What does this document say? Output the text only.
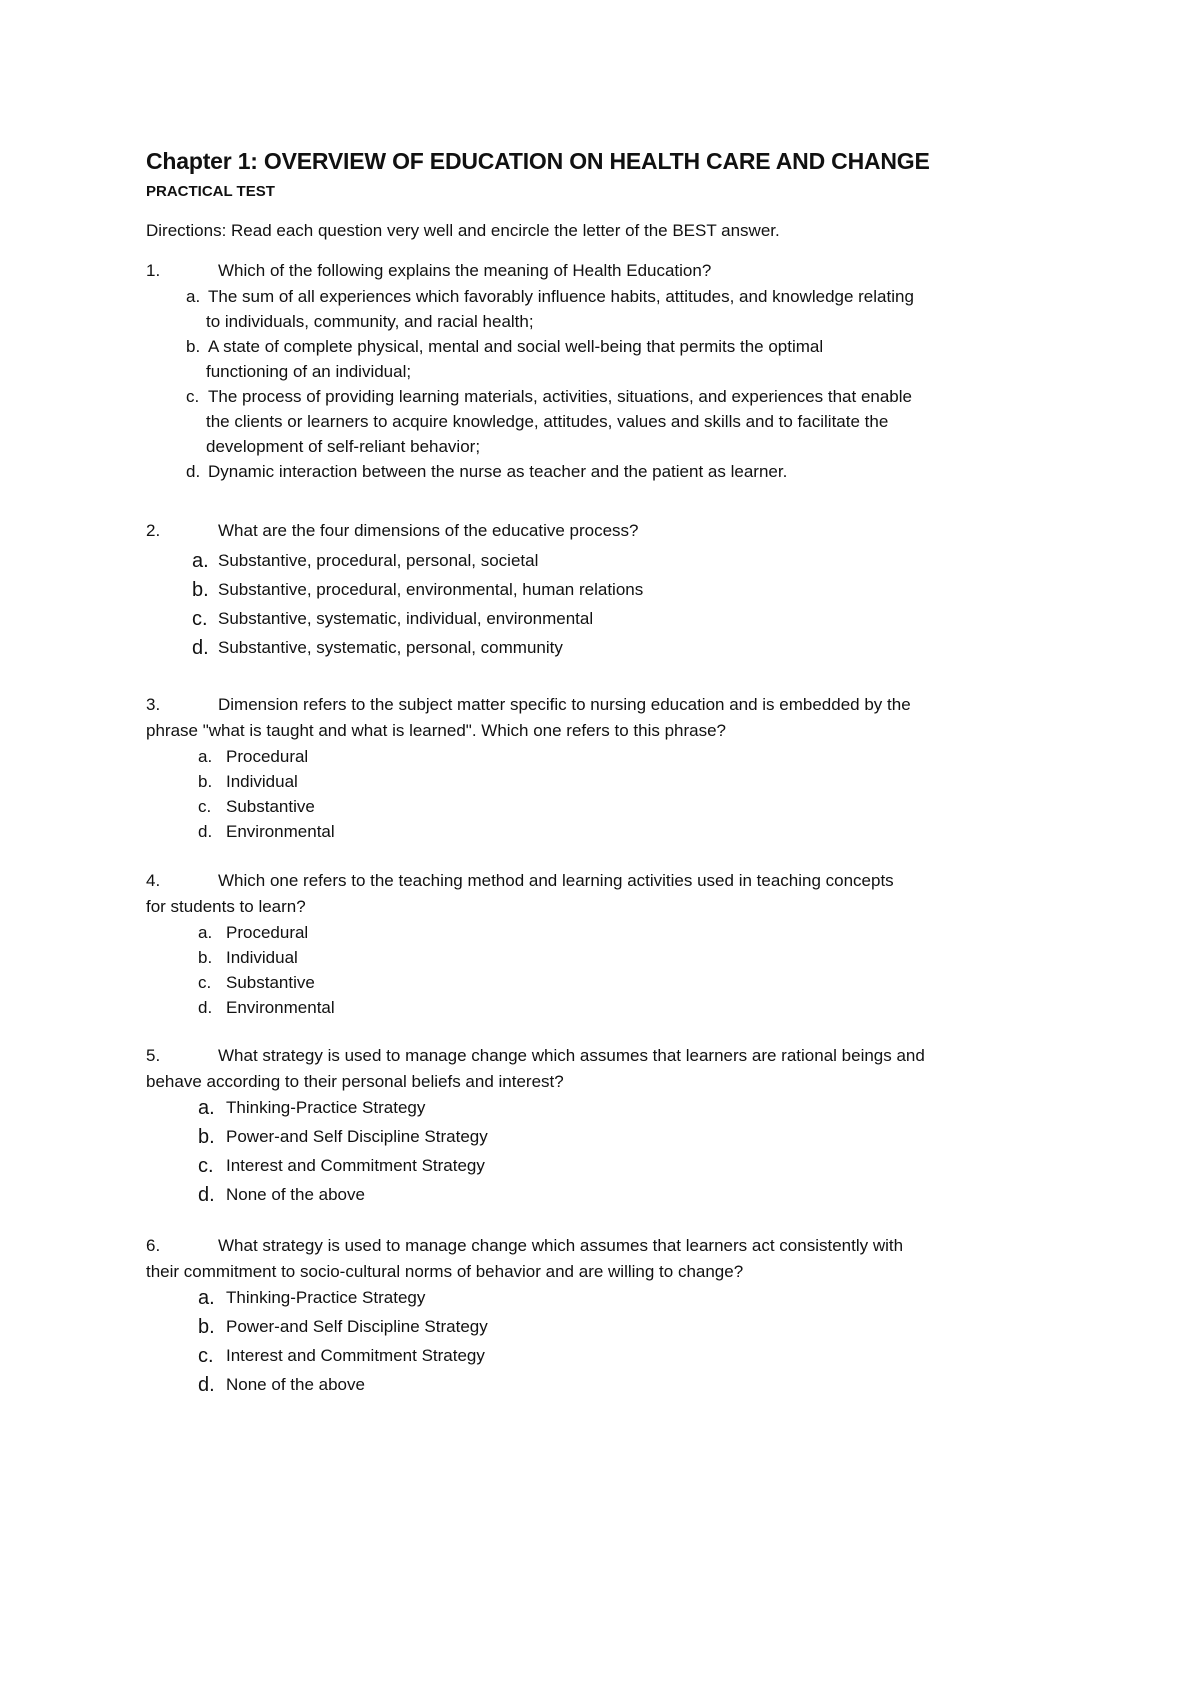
Chapter 1: OVERVIEW OF EDUCATION ON HEALTH CARE AND CHANGE
PRACTICAL TEST
Directions: Read each question very well and encircle the letter of the BEST answer.
1.	Which of the following explains the meaning of Health Education?
a. The sum of all experiences which favorably influence habits, attitudes, and knowledge relating
to individuals, community, and racial health;
b. A state of complete physical, mental and social well-being that permits the optimal
functioning of an individual;
c. The process of providing learning materials, activities, situations, and experiences that enable
the clients or learners to acquire knowledge, attitudes, values and skills and to facilitate the
development of self-reliant behavior;
d. Dynamic interaction between the nurse as teacher and the patient as learner.
2.	What are the four dimensions of the educative process?
a. Substantive, procedural, personal, societal
b. Substantive, procedural, environmental, human relations
c. Substantive, systematic, individual, environmental
d. Substantive, systematic, personal, community
3.	Dimension refers to the subject matter specific to nursing education and is embedded by the
phrase "what is taught and what is learned". Which one refers to this phrase?
a. Procedural
b. Individual
c. Substantive
d. Environmental
4.	Which one refers to the teaching method and learning activities used in teaching concepts
for students to learn?
a. Procedural
b. Individual
c. Substantive
d. Environmental
5.	What strategy is used to manage change which assumes that learners are rational beings and
behave according to their personal beliefs and interest?
a. Thinking-Practice Strategy
b. Power-and Self Discipline Strategy
c. Interest and Commitment Strategy
d. None of the above
6.	What strategy is used to manage change which assumes that learners act consistently with
their commitment to socio-cultural norms of behavior and are willing to change?
a. Thinking-Practice Strategy
b. Power-and Self Discipline Strategy
c. Interest and Commitment Strategy
d. None of the above
